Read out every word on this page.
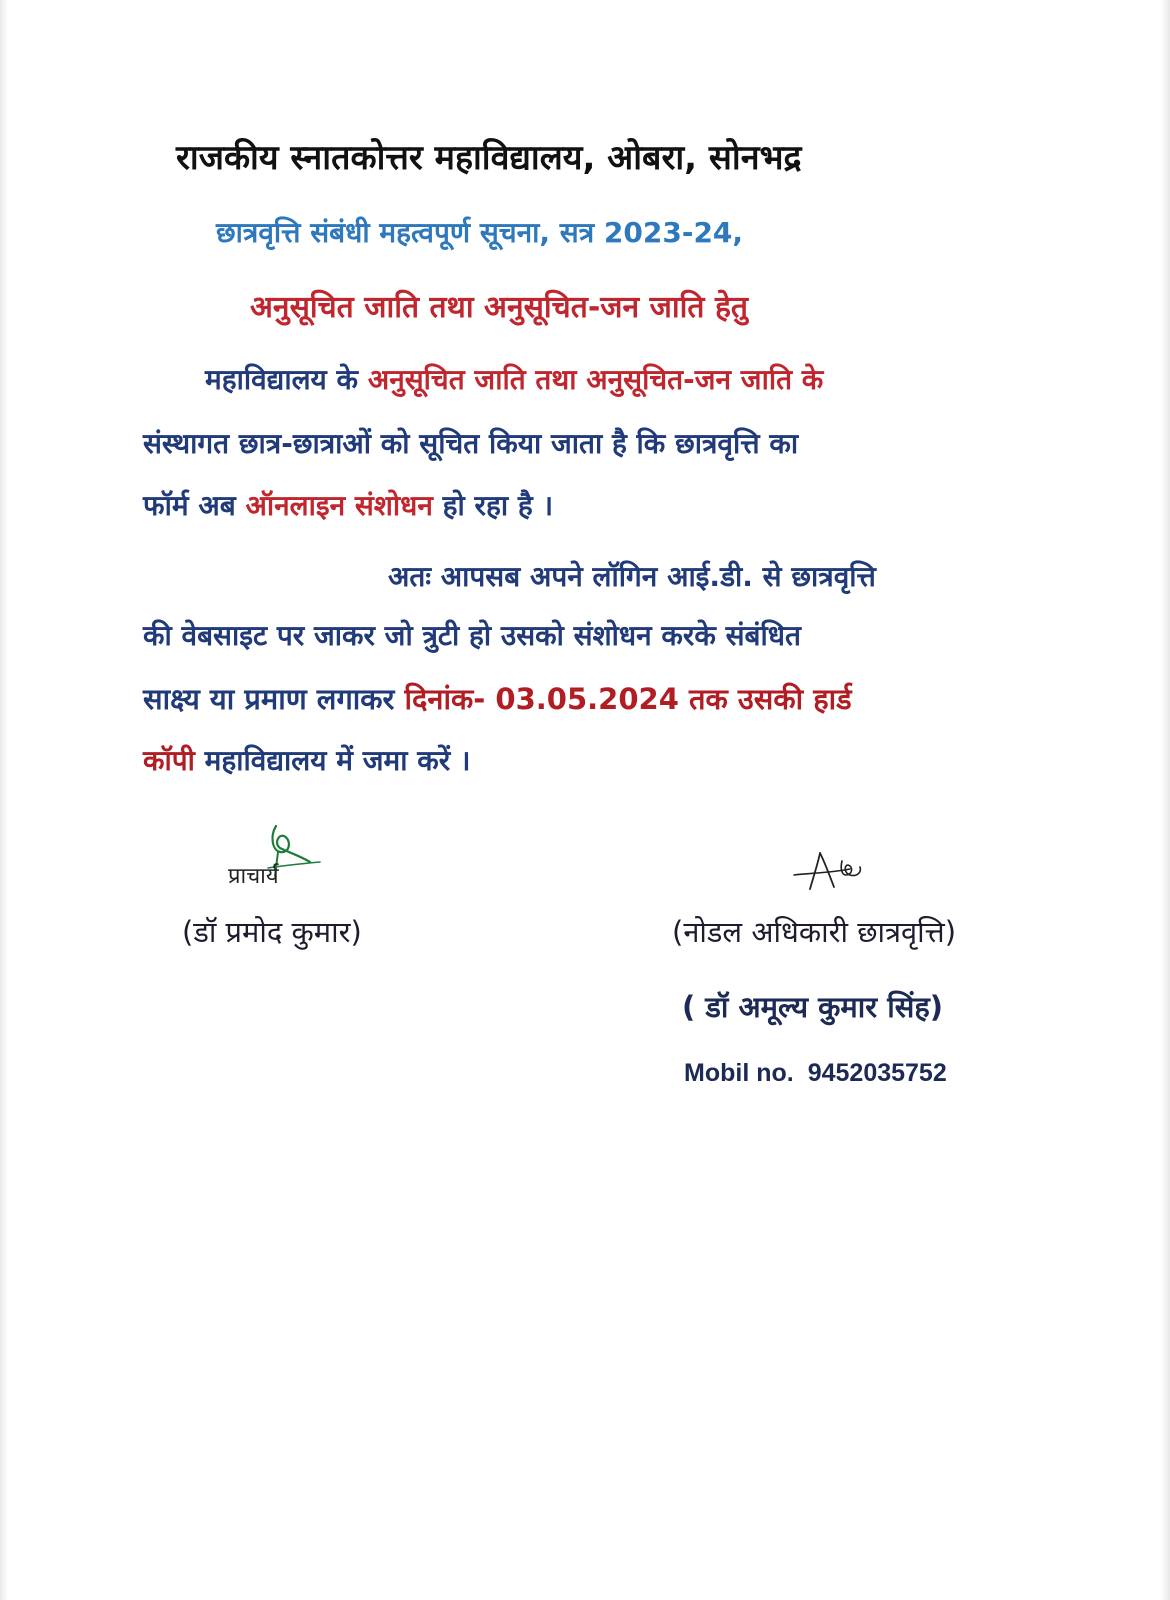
राजकीय स्नातकोत्तर महाविद्यालय, ओबरा, सोनभद्र
छात्रवृत्ति संबंधी महत्वपूर्ण सूचना, सत्र 2023-24,
अनुसूचित जाति तथा अनुसूचित-जन जाति हेतु
महाविद्यालय के अनुसूचित जाति तथा अनुसूचित-जन जाति के
संस्थागत छात्र-छात्राओं को सूचित किया जाता है कि छात्रवृत्ति का
फॉर्म अब ऑनलाइन संशोधन हो रहा है ।
अतः आपसब अपने लॉगिन आई.डी. से छात्रवृत्ति
की वेबसाइट पर जाकर जो त्रुटी हो उसको संशोधन करके संबंधित
साक्ष्य या प्रमाण लगाकर दिनांक- 03.05.2024 तक उसकी हार्ड
कॉपी महाविद्यालय में जमा करें ।
प्राचार्य
(डॉ प्रमोद कुमार)	(नोडल अधिकारी छात्रवृत्ति)
( डॉ अमूल्य कुमार सिंह)
Mobil no. 9452035752
